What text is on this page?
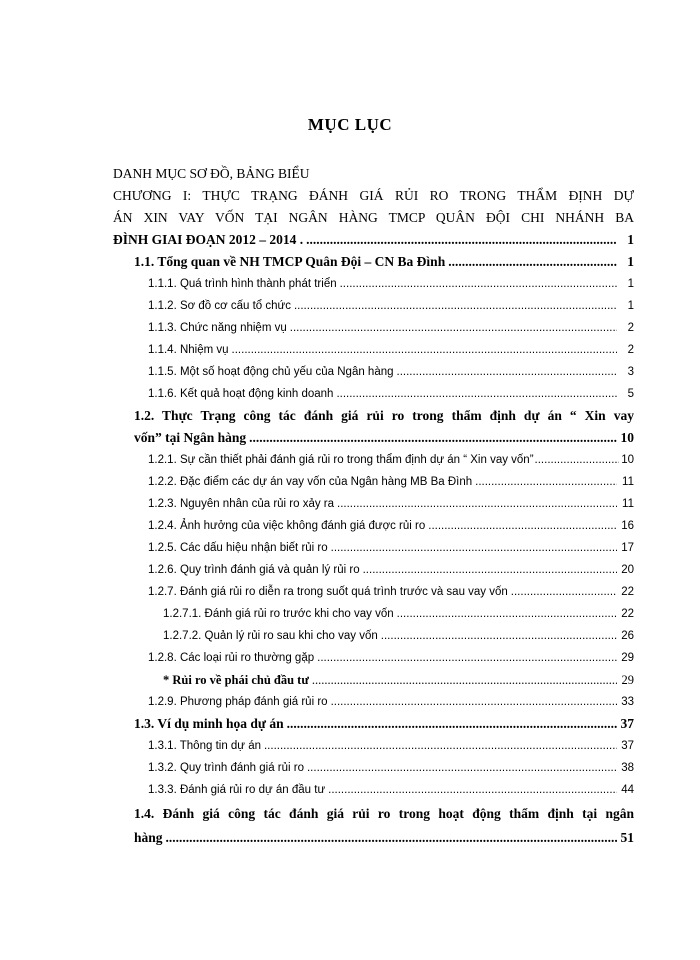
MỤC LỤC
DANH MỤC SƠ ĐỒ, BẢNG BIỂU
CHƯƠNG I: THỰC TRẠNG ĐÁNH GIÁ RỦI RO TRONG THẨM ĐỊNH DỰ
ÁN XIN VAY VỐN TẠI NGÂN HÀNG TMCP QUÂN ĐỘI CHI NHÁNH BA
ĐÌNH GIAI ĐOẠN 2012 – 2014 . .....	1
1.1. Tổng quan về NH TMCP Quân Đội – CN Ba Đình .....	1
1.1.1. Quá trình hình thành phát triển .....	1
1.1.2. Sơ đồ cơ cấu tổ chức .....	1
1.1.3. Chức năng nhiệm vụ .....	2
1.1.4. Nhiệm vụ .....	2
1.1.5. Một số hoạt động chủ yếu của Ngân hàng .....	3
1.1.6. Kết quả hoạt động kinh doanh .....	5
1.2. Thực Trạng công tác đánh giá rủi ro trong thẩm định dự án “ Xin vay
vốn” tại Ngân hàng .....	10
1.2.1. Sự cần thiết phải đánh giá rủi ro trong thẩm định dự án “ Xin vay vốn” .....	10
1.2.2. Đặc điểm các dự án vay vốn của Ngân hàng MB Ba Đình .....	11
1.2.3. Nguyên nhân của rủi ro xảy ra .....	11
1.2.4. Ảnh hưởng của việc không đánh giá được rủi ro .....	16
1.2.5. Các dấu hiệu nhận biết rủi ro .....	17
1.2.6. Quy trình đánh giá và quản lý rủi ro .....	20
1.2.7. Đánh giá rủi ro diễn ra trong suốt quá trình trước và sau vay vốn .....	22
1.2.7.1. Đánh giá rủi ro trước khi cho vay vốn .....	22
1.2.7.2. Quản lý rủi ro sau khi cho vay vốn .....	26
1.2.8. Các loại rủi ro thường gặp .....	29
* Rủi ro về phái chủ đầu tư .....	29
1.2.9. Phương pháp đánh giá rủi ro .....	33
1.3. Ví dụ minh họa dự án .....	37
1.3.1. Thông tin dự án .....	37
1.3.2. Quy trình đánh giá rủi ro .....	38
1.3.3. Đánh giá rủi ro dự án đầu tư .....	44
1.4. Đánh giá công tác đánh giá rủi ro trong hoạt động thẩm định tại ngân
hàng .....	51
